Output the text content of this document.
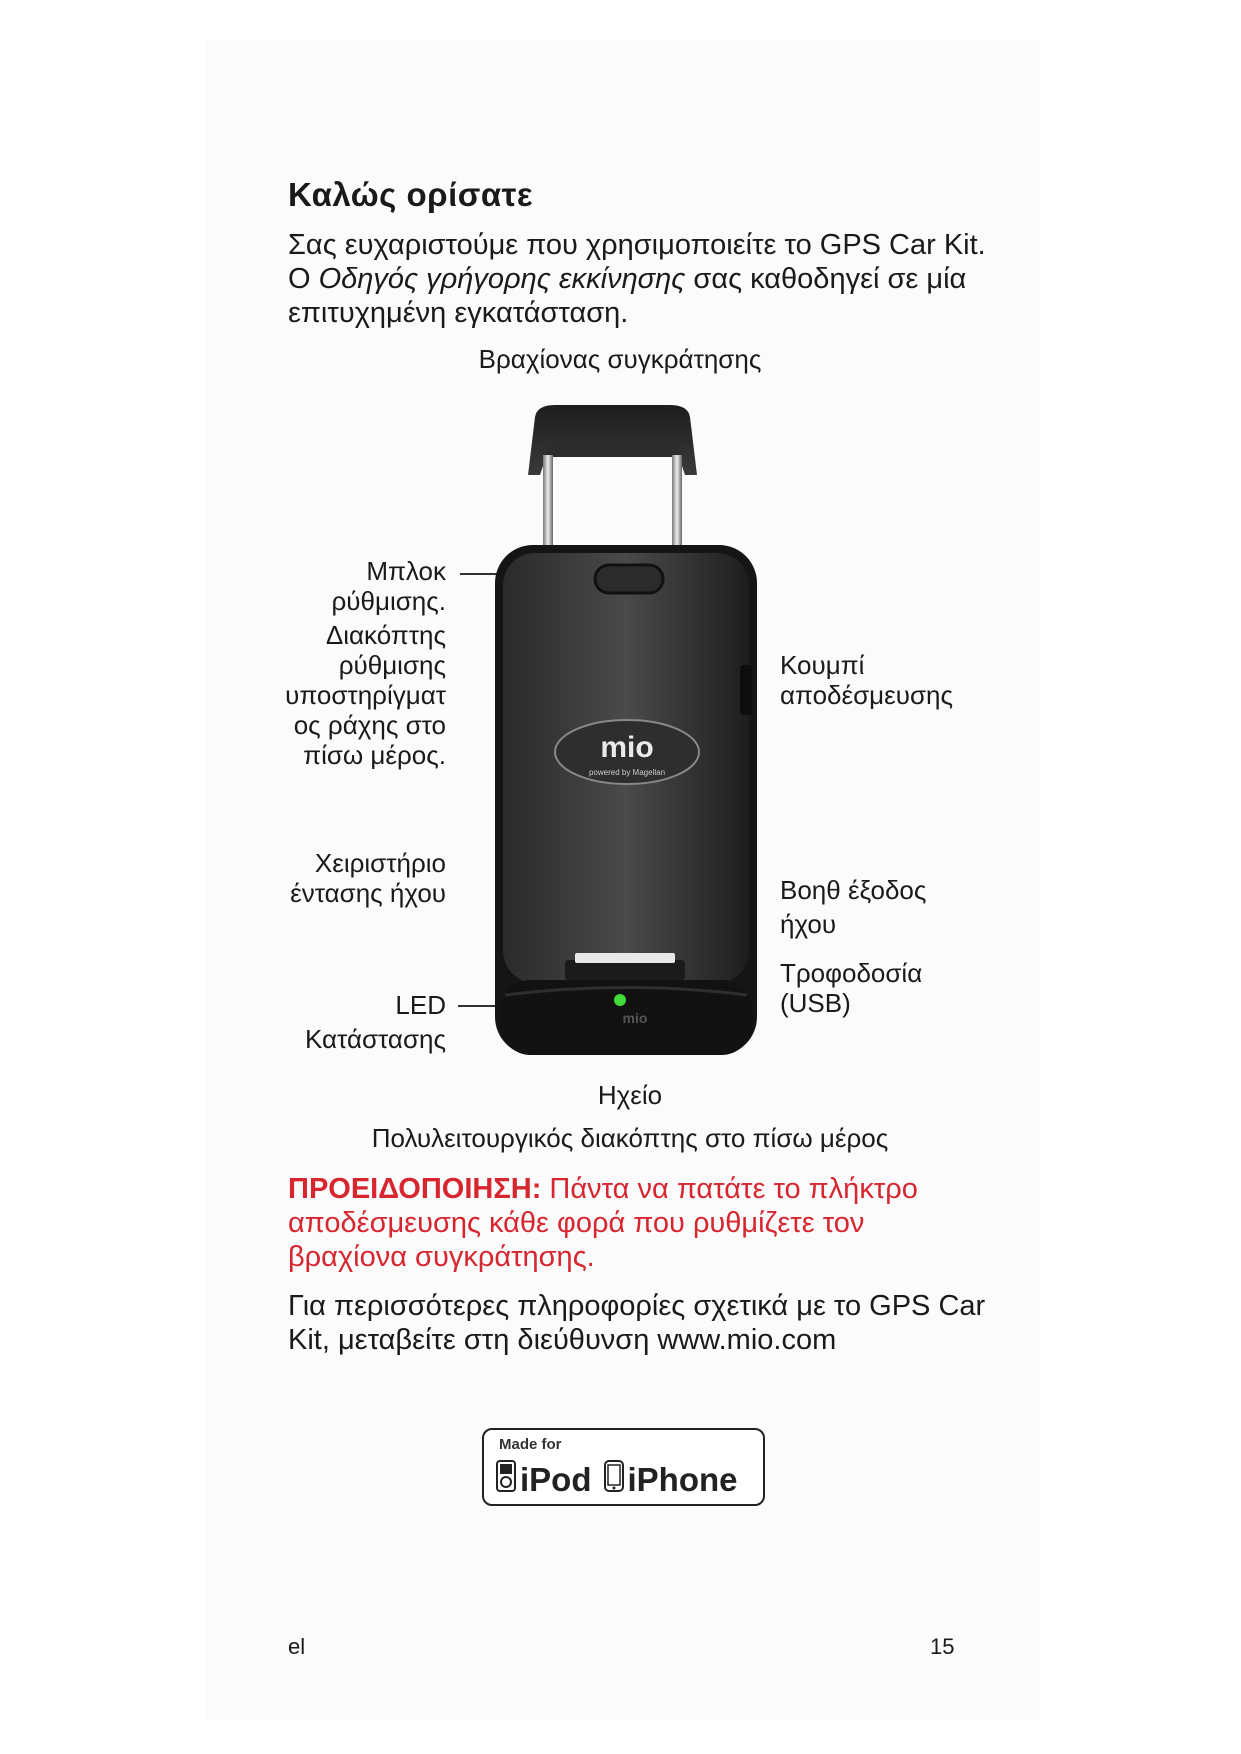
Καλώς ορίσατε
Σας ευχαριστούμε που χρησιμοποιείτε το GPS Car Kit. Ο Οδηγός γρήγορης εκκίνησης σας καθοδηγεί σε μία επιτυχημένη εγκατάσταση.
Βραχίονας συγκράτησης
Μπλοκ
ρύθμισης.
Διακόπτης
ρύθμισης
υποστηρίγματ
ος ράχης στο
πίσω μέρος.
Κουμπί
αποδέσμευσης
Χειριστήριο
έντασης ήχου	Βοηθ έξοδος
ήχου
Τροφοδοσία
(USB)
LED
Κατάστασης
Ηχείο
Πολυλειτουργικός διακόπτης στο πίσω μέρος
mio
powered by Magellan
mio
ΠΡΟΕΙΔΟΠΟΙΗΣΗ: Πάντα να πατάτε το πλήκτρο αποδέσμευσης κάθε φορά που ρυθμίζετε τον βραχίονα συγκράτησης.
Για περισσότερες πληροφορίες σχετικά με το GPS Car Kit, μεταβείτε στη διεύθυνση www.mio.com
Made for
iPod iPhone
el	15
